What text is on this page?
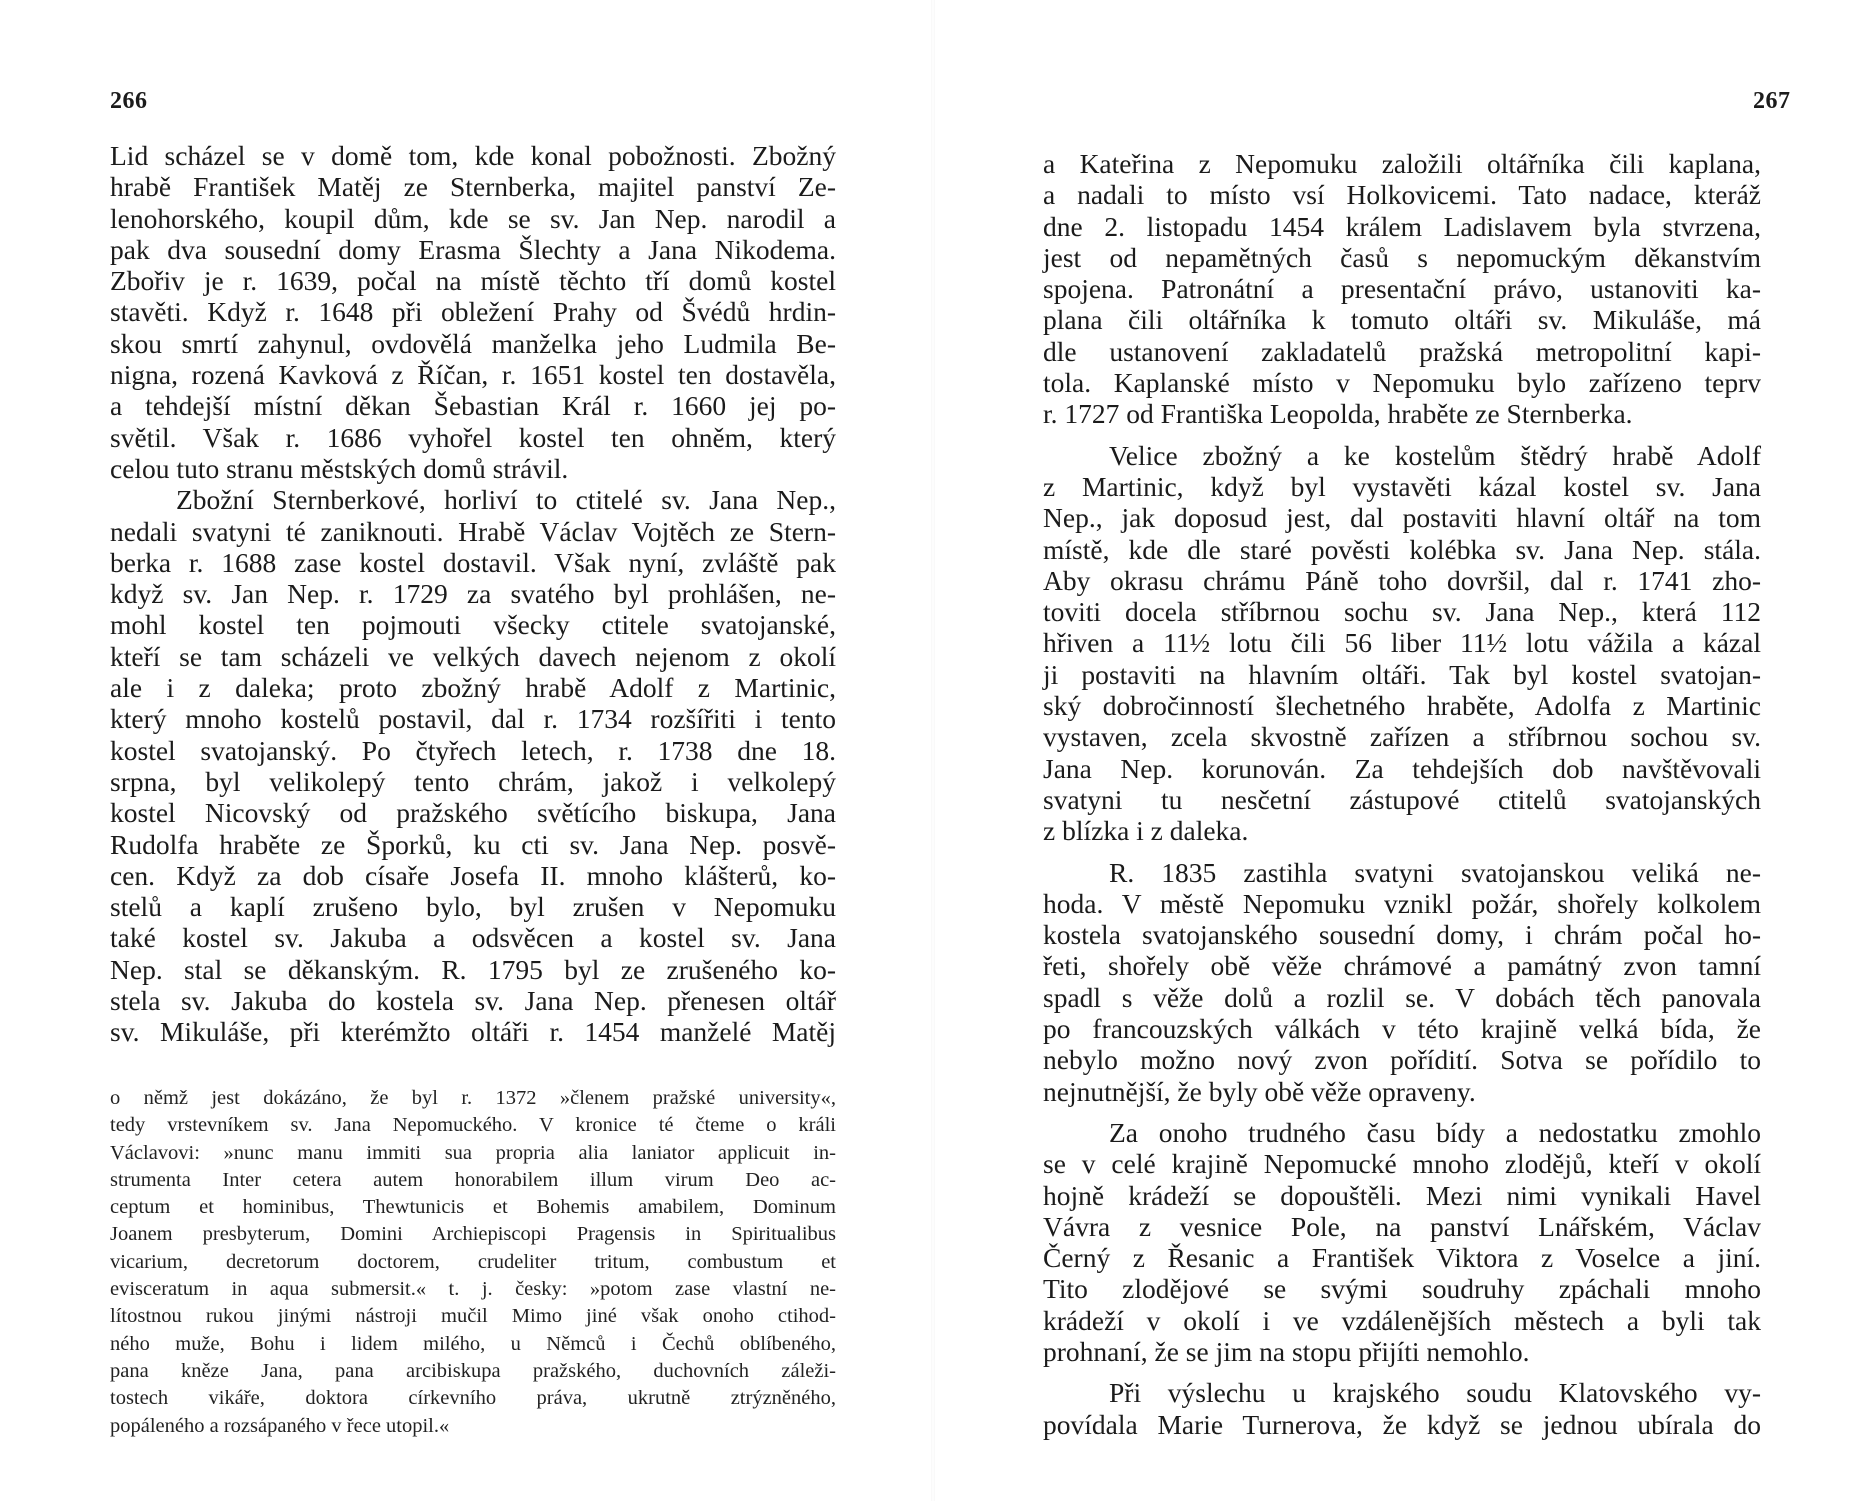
266

Lid scházel se v domě tom, kde konal pobožnosti. Zbožný

hrabě František Matěj ze Sternberka, majitel panství Ze-

lenohorského, koupil dům, kde se sv. Jan Nep. narodil a

pak dva sousední domy Erasma Šlechty a Jana Nikodema.

Zbořiv je r. 1639, počal na místě těchto tří domů kostel

stavěti. Když r. 1648 při obležení Prahy od Švédů hrdin-

skou smrtí zahynul, ovdovělá manželka jeho Ludmila Be-

nigna, rozená Kavková z Říčan, r. 1651 kostel ten dostavěla,

a tehdejší místní děkan Šebastian Král r. 1660 jej po-

světil. Však r. 1686 vyhořel kostel ten ohněm, který

celou tuto stranu městských domů strávil.

Zbožní Sternberkové, horliví to ctitelé sv. Jana Nep.,

nedali svatyni té zaniknouti. Hrabě Václav Vojtěch ze Stern-

berka r. 1688 zase kostel dostavil. Však nyní, zvláště pak

když sv. Jan Nep. r. 1729 za svatého byl prohlášen, ne-

mohl kostel ten pojmouti všecky ctitele svatojanské,

kteří se tam scházeli ve velkých davech nejenom z okolí

ale i z daleka; proto zbožný hrabě Adolf z Martinic,

který mnoho kostelů postavil, dal r. 1734 rozšířiti i tento

kostel svatojanský. Po čtyřech letech, r. 1738 dne 18.

srpna, byl velikolepý tento chrám, jakož i velkolepý

kostel Nicovský od pražského světícího biskupa, Jana

Rudolfa hraběte ze Šporků, ku cti sv. Jana Nep. posvě-

cen. Když za dob císaře Josefa II. mnoho klášterů, ko-

stelů a kaplí zrušeno bylo, byl zrušen v Nepomuku

také kostel sv. Jakuba a odsvěcen a kostel sv. Jana

Nep. stal se děkanským. R. 1795 byl ze zrušeného ko-

stela sv. Jakuba do kostela sv. Jana Nep. přenesen oltář

sv. Mikuláše, při kterémžto oltáři r. 1454 manželé Matěj

o němž jest dokázáno, že byl r. 1372 »členem pražské university«,

tedy vrstevníkem sv. Jana Nepomuckého. V kronice té čteme o králi

Václavovi: »nunc manu immiti sua propria alia laniator applicuit in-

strumenta Inter cetera autem honorabilem illum virum Deo ac-

ceptum et hominibus, Thewtunicis et Bohemis amabilem, Dominum

Joanem presbyterum, Domini Archiepiscopi Pragensis in Spiritualibus

vicarium, decretorum doctorem, crudeliter tritum, combustum et

evisceratum in aqua submersit.« t. j. česky: »potom zase vlastní ne-

lítostnou rukou jinými nástroji mučil Mimo jiné však onoho ctihod-

ného muže, Bohu i lidem milého, u Němců i Čechů oblíbeného,

pana kněze Jana, pana arcibiskupa pražského, duchovních záleži-

tostech vikáře, doktora církevního práva, ukrutně ztrýzněného,

popáleného a rozsápaného v řece utopil.«

267

a Kateřina z Nepomuku založili oltářníka čili kaplana,

a nadali to místo vsí Holkovicemi. Tato nadace, kteráž

dne 2. listopadu 1454 králem Ladislavem byla stvrzena,

jest od nepamětných časů s nepomuckým děkanstvím

spojena. Patronátní a presentační právo, ustanoviti ka-

plana čili oltářníka k tomuto oltáři sv. Mikuláše, má

dle ustanovení zakladatelů pražská metropolitní kapi-

tola. Kaplanské místo v Nepomuku bylo zařízeno teprv

r. 1727 od Františka Leopolda, hraběte ze Sternberka.

Velice zbožný a ke kostelům štědrý hrabě Adolf

z Martinic, když byl vystavěti kázal kostel sv. Jana

Nep., jak doposud jest, dal postaviti hlavní oltář na tom

místě, kde dle staré pověsti kolébka sv. Jana Nep. stála.

Aby okrasu chrámu Páně toho dovršil, dal r. 1741 zho-

toviti docela stříbrnou sochu sv. Jana Nep., která 112

hřiven a 11½ lotu čili 56 liber 11½ lotu vážila a kázal

ji postaviti na hlavním oltáři. Tak byl kostel svatojan-

ský dobročinností šlechetného hraběte, Adolfa z Martinic

vystaven, zcela skvostně zařízen a stříbrnou sochou sv.

Jana Nep. korunován. Za tehdejších dob navštěvovali

svatyni tu nesčetní zástupové ctitelů svatojanských

z blízka i z daleka.

R. 1835 zastihla svatyni svatojanskou veliká ne-

hoda. V městě Nepomuku vznikl požár, shořely kolkolem

kostela svatojanského sousední domy, i chrám počal ho-

řeti, shořely obě věže chrámové a památný zvon tamní

spadl s věže dolů a rozlil se. V dobách těch panovala

po francouzských válkách v této krajině velká bída, že

nebylo možno nový zvon pořídití. Sotva se pořídilo to

nejnutnější, že byly obě věže opraveny.

Za onoho trudného času bídy a nedostatku zmohlo

se v celé krajině Nepomucké mnoho zlodějů, kteří v okolí

hojně krádeží se dopouštěli. Mezi nimi vynikali Havel

Vávra z vesnice Pole, na panství Lnářském, Václav

Černý z Řesanic a František Viktora z Voselce a jiní.

Tito zlodějové se svými soudruhy zpáchali mnoho

krádeží v okolí i ve vzdálenějších městech a byli tak

prohnaní, že se jim na stopu přijíti nemohlo.

Při výslechu u krajského soudu Klatovského vy-

povídala Marie Turnerova, že když se jednou ubírala do
